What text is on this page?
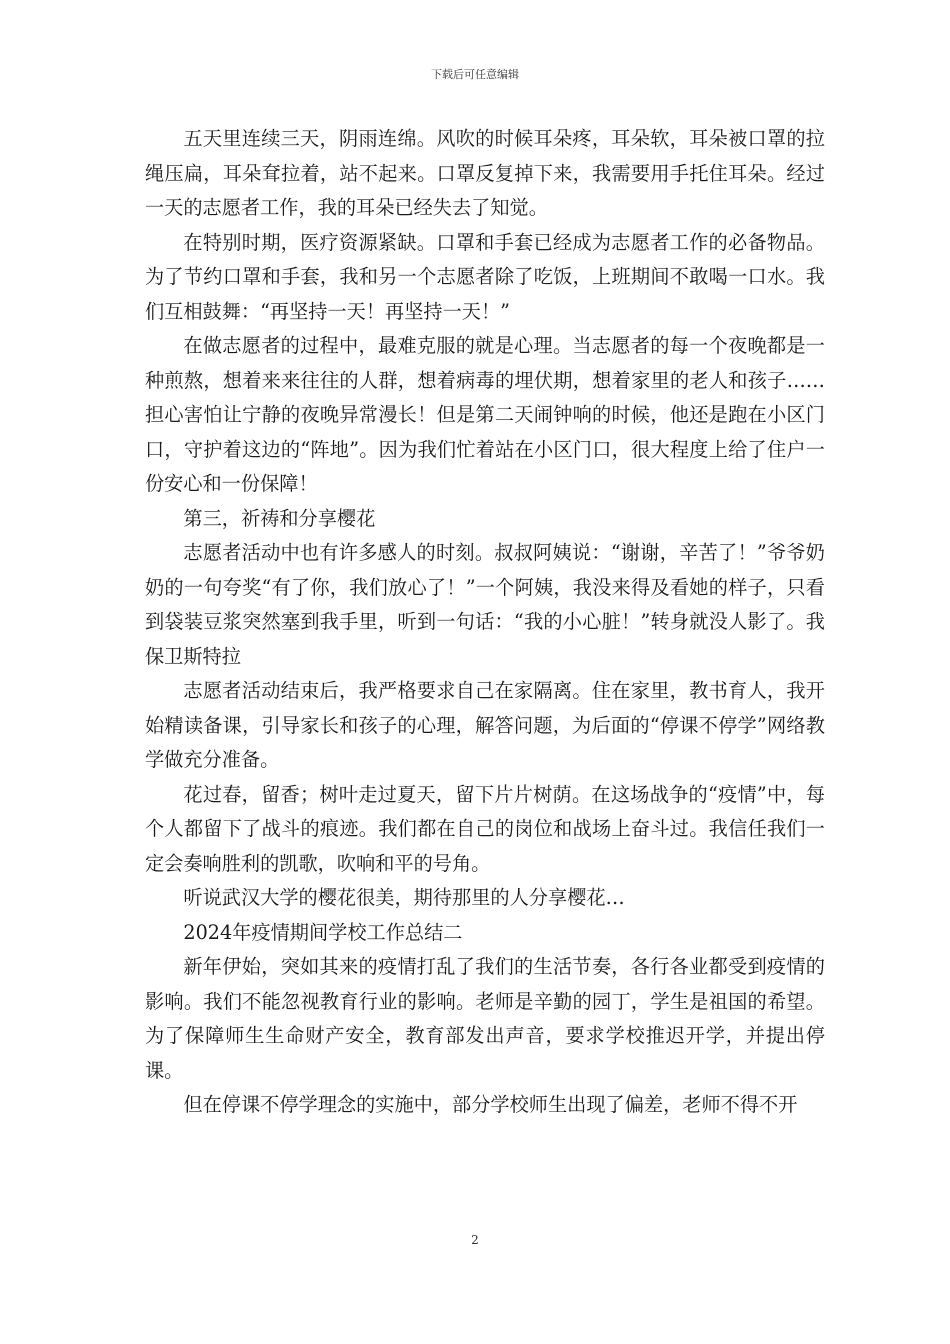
下载后可任意编辑

五天里连续三天，阴雨连绵。风吹的时候耳朵疼，耳朵软，耳朵被口罩的拉绳压扁，耳朵耷拉着，站不起来。口罩反复掉下来，我需要用手托住耳朵。经过一天的志愿者工作，我的耳朵已经失去了知觉。

在特别时期，医疗资源紧缺。口罩和手套已经成为志愿者工作的必备物品。为了节约口罩和手套，我和另一个志愿者除了吃饭，上班期间不敢喝一口水。我们互相鼓舞：“再坚持一天！再坚持一天！”

在做志愿者的过程中，最难克服的就是心理。当志愿者的每一个夜晚都是一种煎熬，想着来来往往的人群，想着病毒的埋伏期，想着家里的老人和孩子……担心害怕让宁静的夜晚异常漫长！但是第二天闹钟响的时候，他还是跑在小区门口，守护着这边的“阵地”。因为我们忙着站在小区门口，很大程度上给了住户一份安心和一份保障！

第三，祈祷和分享樱花

志愿者活动中也有许多感人的时刻。叔叔阿姨说：“谢谢，辛苦了！”爷爷奶奶的一句夸奖“有了你，我们放心了！”一个阿姨，我没来得及看她的样子，只看到袋装豆浆突然塞到我手里，听到一句话：“我的小心脏！”转身就没人影了。我保卫斯特拉

志愿者活动结束后，我严格要求自己在家隔离。住在家里，教书育人，我开始精读备课，引导家长和孩子的心理，解答问题，为后面的“停课不停学”网络教学做充分准备。

花过春，留香；树叶走过夏天，留下片片树荫。在这场战争的“疫情”中，每个人都留下了战斗的痕迹。我们都在自己的岗位和战场上奋斗过。我信任我们一定会奏响胜利的凯歌，吹响和平的号角。

听说武汉大学的樱花很美，期待那里的人分享樱花…

2024年疫情期间学校工作总结二

新年伊始，突如其来的疫情打乱了我们的生活节奏，各行各业都受到疫情的影响。我们不能忽视教育行业的影响。老师是辛勤的园丁，学生是祖国的希望。为了保障师生生命财产安全，教育部发出声音，要求学校推迟开学，并提出停课。

但在停课不停学理念的实施中，部分学校师生出现了偏差，老师不得不开

2
